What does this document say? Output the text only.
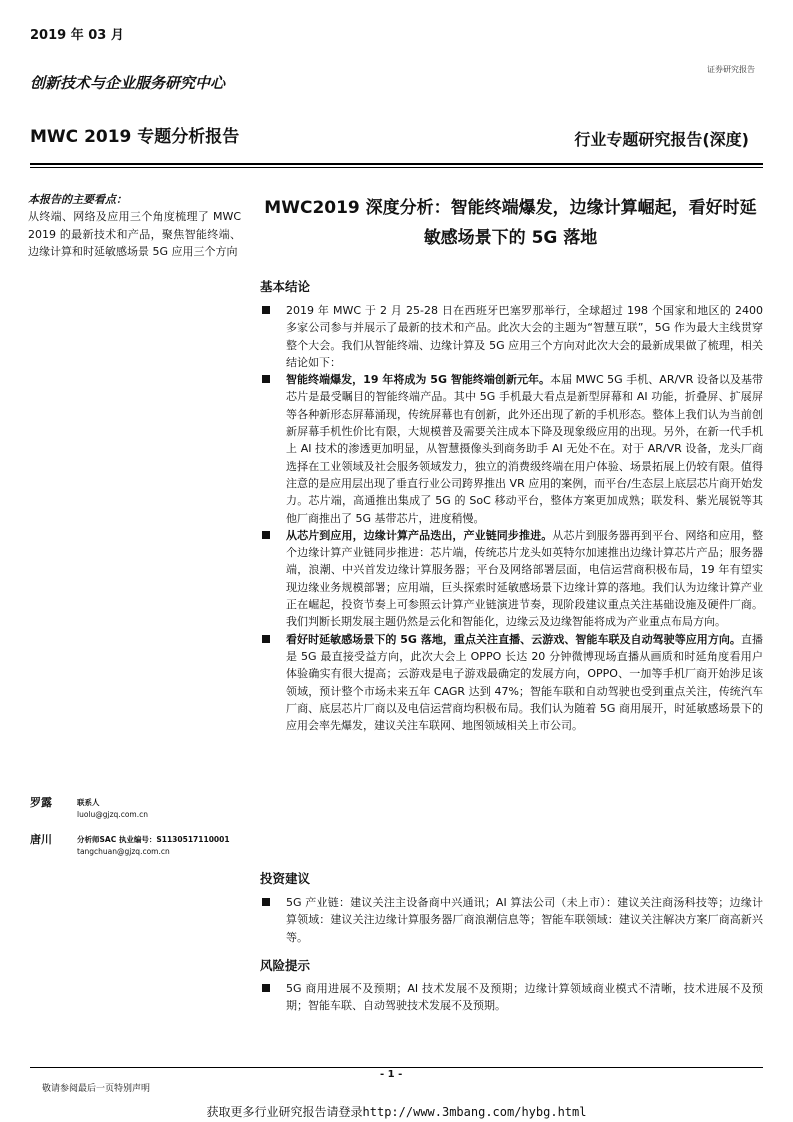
2019 年 03 月
证券研究报告
创新技术与企业服务研究中心
MWC 2019 专题分析报告	行业专题研究报告(深度)
本报告的主要看点：
从终端、网络及应用三个角度梳理了 MWC 2019 的最新技术和产品，聚焦智能终端、边缘计算和时延敏感场景 5G 应用三个方向
罗露	联系人
luolu@gjzq.com.cn
唐川	分析师SAC 执业编号：S1130517110001
tangchuan@gjzq.com.cn
MWC2019 深度分析：智能终端爆发，边缘计算崛起，看好时延敏感场景下的 5G 落地
基本结论
2019 年 MWC 于 2 月 25-28 日在西班牙巴塞罗那举行，全球超过 198 个国家和地区的 2400 多家公司参与并展示了最新的技术和产品。此次大会的主题为“智慧互联”，5G 作为最大主线贯穿整个大会。我们从智能终端、边缘计算及 5G 应用三个方向对此次大会的最新成果做了梳理，相关结论如下：
智能终端爆发，19 年将成为 5G 智能终端创新元年。本届 MWC 5G 手机、AR/VR 设备以及基带芯片是最受瞩目的智能终端产品。其中 5G 手机最大看点是新型屏幕和 AI 功能，折叠屏、扩展屏等各种新形态屏幕涌现，传统屏幕也有创新，此外还出现了新的手机形态。整体上我们认为当前创新屏幕手机性价比有限，大规模普及需要关注成本下降及现象级应用的出现。另外，在新一代手机上 AI 技术的渗透更加明显，从智慧摄像头到商务助手 AI 无处不在。对于 AR/VR 设备，龙头厂商选择在工业领域及社会服务领域发力，独立的消费级终端在用户体验、场景拓展上仍较有限。值得注意的是应用层出现了垂直行业公司跨界推出 VR 应用的案例，而平台/生态层上底层芯片商开始发力。芯片端，高通推出集成了 5G 的 SoC 移动平台，整体方案更加成熟；联发科、紫光展锐等其他厂商推出了 5G 基带芯片，进度稍慢。
从芯片到应用，边缘计算产品迭出，产业链同步推进。从芯片到服务器再到平台、网络和应用，整个边缘计算产业链同步推进：芯片端，传统芯片龙头如英特尔加速推出边缘计算芯片产品；服务器端，浪潮、中兴首发边缘计算服务器；平台及网络部署层面，电信运营商积极布局，19 年有望实现边缘业务规模部署；应用端，巨头探索时延敏感场景下边缘计算的落地。我们认为边缘计算产业正在崛起，投资节奏上可参照云计算产业链演进节奏，现阶段建议重点关注基础设施及硬件厂商。我们判断长期发展主题仍然是云化和智能化，边缘云及边缘智能将成为产业重点布局方向。
看好时延敏感场景下的 5G 落地，重点关注直播、云游戏、智能车联及自动驾驶等应用方向。直播是 5G 最直接受益方向，此次大会上 OPPO 长达 20 分钟微博现场直播从画质和时延角度看用户体验确实有很大提高；云游戏是电子游戏最确定的发展方向，OPPO、一加等手机厂商开始涉足该领域，预计整个市场未来五年 CAGR 达到 47%；智能车联和自动驾驶也受到重点关注，传统汽车厂商、底层芯片厂商以及电信运营商均积极布局。我们认为随着 5G 商用展开，时延敏感场景下的应用会率先爆发，建议关注车联网、地图领域相关上市公司。
投资建议
5G 产业链：建议关注主设备商中兴通讯；AI 算法公司（未上市）：建议关注商汤科技等；边缘计算领域：建议关注边缘计算服务器厂商浪潮信息等；智能车联领域：建议关注解决方案厂商高新兴等。
风险提示
5G 商用进展不及预期；AI 技术发展不及预期；边缘计算领域商业模式不清晰，技术进展不及预期；智能车联、自动驾驶技术发展不及预期。
- 1 -
敬请参阅最后一页特别声明
获取更多行业研究报告请登录http://www.3mbang.com/hybg.html
